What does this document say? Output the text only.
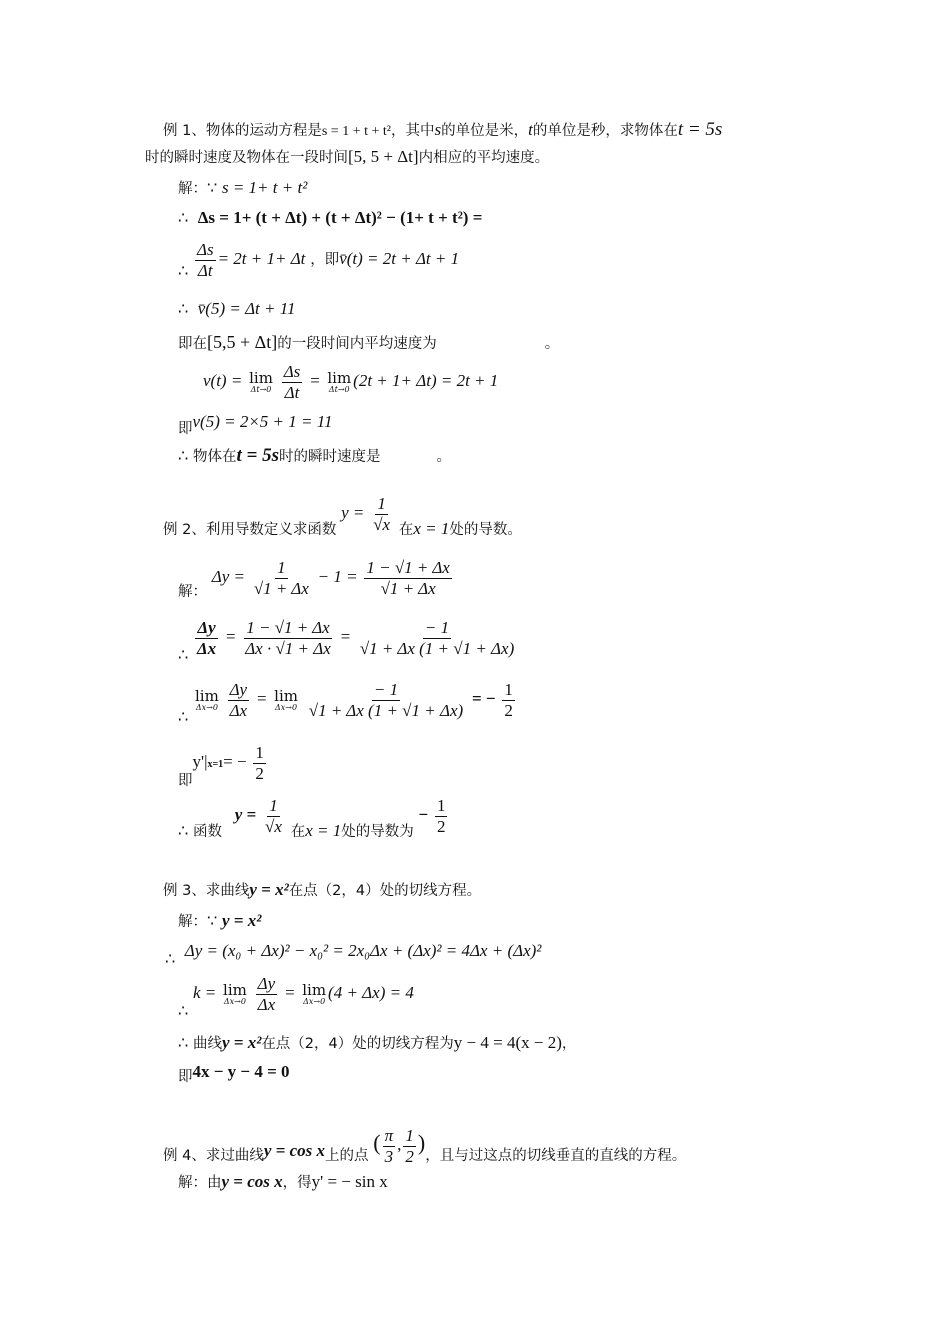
例 1、物体的运动方程是s = 1 + t + t²，其中s的单位是米，t的单位是秒，求物体在t = 5s
时的瞬时速度及物体在一段时间[5, 5 + Δt]内相应的平均速度。
解：∵ s = 1+ t + t²
∴ Δs = 1+ (t + Δt) + (t + Δt)² − (1+ t + t²) =
∴ $\frac{\Delta s}{\Delta t} = 2t + 1+ \Delta t$ ，即v̄(t) = 2t + Δt + 1
∴ v̄(5) = Δt + 11
即在[5,5 + Δt]的一段时间内平均速度为	。
v(t) = lim
Δt→0
$\frac{\Delta s}{\Delta t} = \lim$
Δt→0 (2t + 1+ Δt) = 2t + 1
即v(5) = 2×5 + 1 = 11
∴ 物体在t = 5s时的瞬时速度是	。
例 2、利用导数定义求函数 $y = \frac{1}{√x}$ 在x = 1处的导数。
解： $\Delta y = \frac{1}{√1 + \Delta x} - 1 = \frac{1 - √1 + \Delta x}{√1 + \Delta x}$
∴ $\frac{\Delta y}{\Delta x} = \frac{1 - √1 + \Delta x}{\Delta x \cdot √1 + \Delta x} = \frac{- 1}{√1 + \Delta x (1 + √1 + \Delta x)}$
∴
lim
Δx→0
$\frac{\Delta y}{\Delta x} = \lim$
Δx→0
$\frac{- 1}{√1 + \Delta x (1 + √1 + \Delta x)}$ = − $\frac{1}{2}$
即$y'|x=1= - \frac{1}{2}$
∴ 函数 $y = \frac{1}{√x}$ 在x = 1处的导数为 − $\frac{1}{2}$
例 3、求曲线y = x²在点（2，4）处的切线方程。
解：∵ y = x²
∴ Δy = (x₀ + Δx)² − x₀² = 2x₀Δx + (Δx)² = 4Δx + (Δx)²
∴ k = lim
Δx→0
$\frac{\Delta y}{\Delta x} = \lim$
Δx→0 (4 + Δx) = 4
∴ 曲线y = x²在点（2，4）处的切线方程为y − 4 = 4(x − 2)，
即4x − y − 4 = 0
例 4、求过曲线y = cos x上的点 ( $\frac{\pi}{3}$ , $\frac{1}{2}$ )，且与过这点的切线垂直的直线的方程。
解：由y = cos x，得y' = − sin x
